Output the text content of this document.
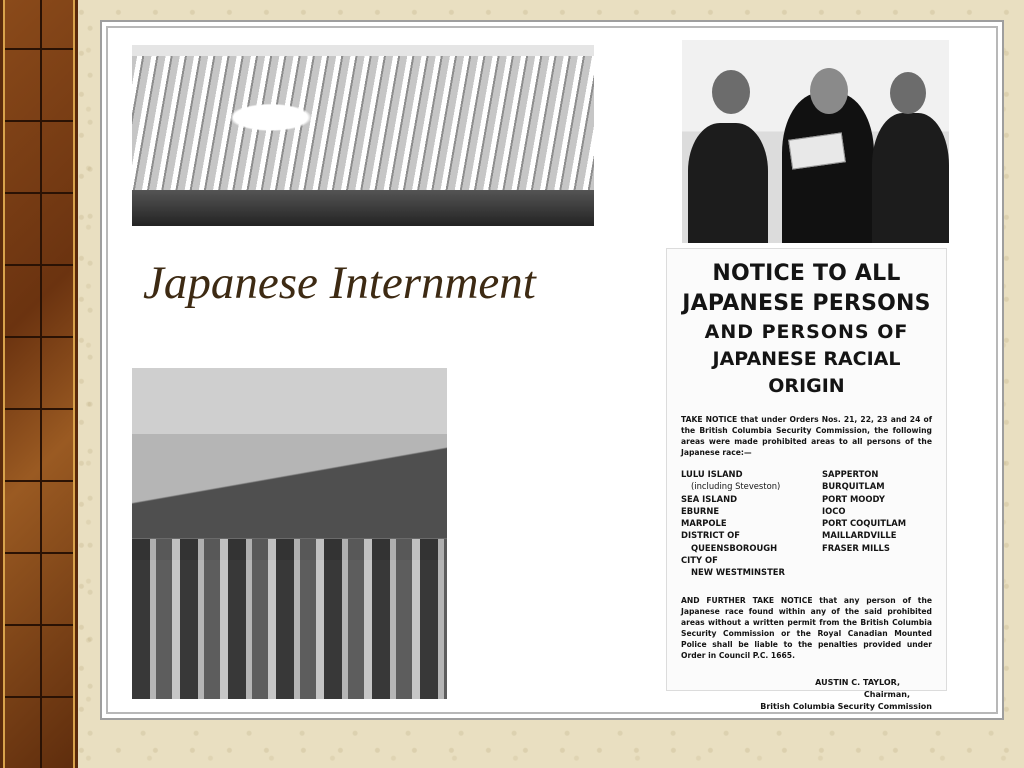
Japanese Internment	NOTICE TO ALL
JAPANESE PERSONS
AND PERSONS OF
JAPANESE RACIAL ORIGIN
TAKE NOTICE that under Orders Nos. 21, 22, 23 and 24 of the British Columbia Security Commission, the following areas were made prohibited areas to all persons of the Japanese race:—
LULU ISLAND
(including Steveston)
SEA ISLAND
EBURNE
MARPOLE
DISTRICT OF
QUEENSBOROUGH
CITY OF
NEW WESTMINSTER
SAPPERTON
BURQUITLAM
PORT MOODY
IOCO
PORT COQUITLAM
MAILLARDVILLE
FRASER MILLS
AND FURTHER TAKE NOTICE that any person of the Japanese race found within any of the said prohibited areas without a written permit from the British Columbia Security Commission or the Royal Canadian Mounted Police shall be liable to the penalties provided under Order in Council P.C. 1665.
AUSTIN C. TAYLOR,
Chairman,
British Columbia Security Commission
